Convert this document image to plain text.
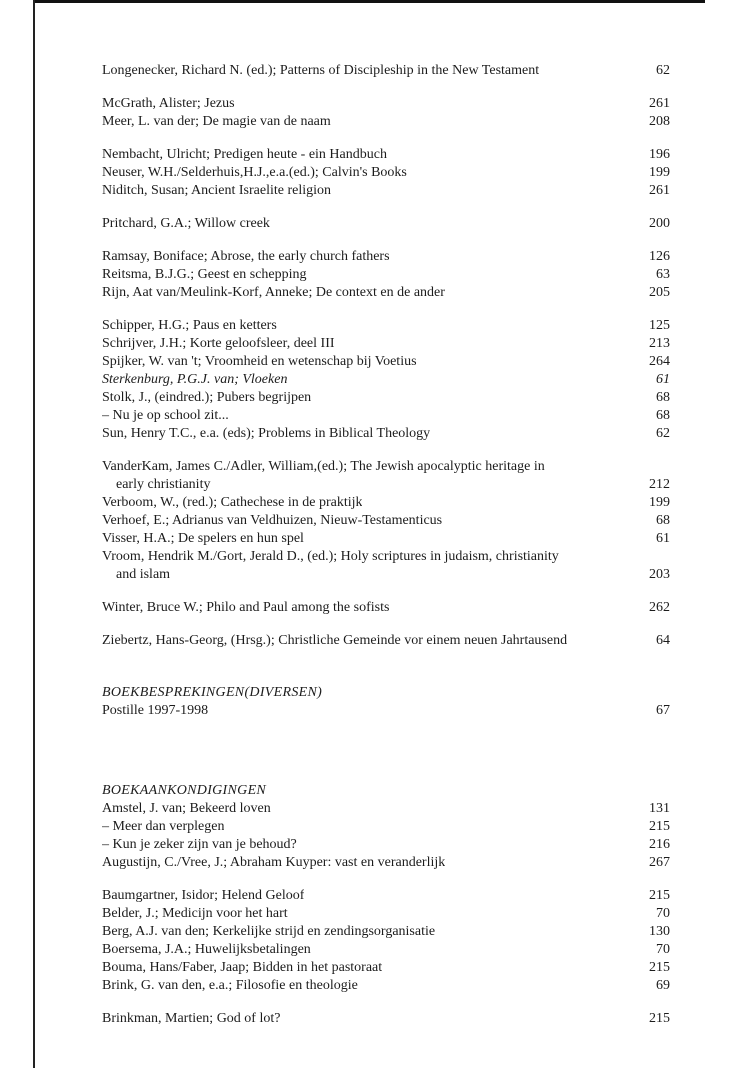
Longenecker, Richard N. (ed.); Patterns of Discipleship in the New Testament	62
McGrath, Alister; Jezus	261
Meer, L. van der; De magie van de naam	208
Nembacht, Ulricht; Predigen heute - ein Handbuch	196
Neuser, W.H./Selderhuis,H.J.,e.a.(ed.); Calvin's Books	199
Niditch, Susan; Ancient Israelite religion	261
Pritchard, G.A.; Willow creek	200
Ramsay, Boniface; Abrose, the early church fathers	126
Reitsma, B.J.G.; Geest en schepping	63
Rijn, Aat van/Meulink-Korf, Anneke; De context en de ander	205
Schipper, H.G.; Paus en ketters	125
Schrijver, J.H.; Korte geloofsleer, deel III	213
Spijker, W. van 't; Vroomheid en wetenschap bij Voetius	264
Sterkenburg, P.G.J. van; Vloeken	61
Stolk, J., (eindred.); Pubers begrijpen	68
– Nu je op school zit...	68
Sun, Henry T.C., e.a. (eds); Problems in Biblical Theology	62
VanderKam, James C./Adler, William,(ed.); The Jewish apocalyptic heritage in
early christianity	212
Verboom, W., (red.); Cathechese in de praktijk	199
Verhoef, E.; Adrianus van Veldhuizen, Nieuw-Testamenticus	68
Visser, H.A.; De spelers en hun spel	61
Vroom, Hendrik M./Gort, Jerald D., (ed.); Holy scriptures in judaism, christianity
and islam	203
Winter, Bruce W.; Philo and Paul among the sofists	262
Ziebertz, Hans-Georg, (Hrsg.); Christliche Gemeinde vor einem neuen Jahrtausend	64
BOEKBESPREKINGEN(DIVERSEN)
Postille 1997-1998	67
BOEKAANKONDIGINGEN
Amstel, J. van; Bekeerd loven	131
– Meer dan verplegen	215
– Kun je zeker zijn van je behoud?	216
Augustijn, C./Vree, J.; Abraham Kuyper: vast en veranderlijk	267
Baumgartner, Isidor; Helend Geloof	215
Belder, J.; Medicijn voor het hart	70
Berg, A.J. van den; Kerkelijke strijd en zendingsorganisatie	130
Boersema, J.A.; Huwelijksbetalingen	70
Bouma, Hans/Faber, Jaap; Bidden in het pastoraat	215
Brink, G. van den, e.a.; Filosofie en theologie	69
Brinkman, Martien; God of lot?	215
